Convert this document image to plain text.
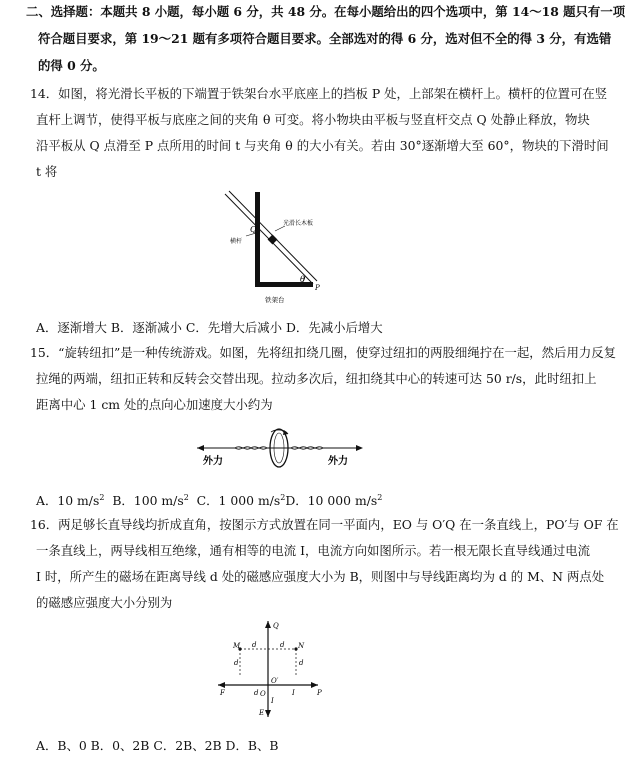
二、选择题：本题共 8 小题，每小题 6 分，共 48 分。在每小题给出的四个选项中，第 14～18 题只有一项
符合题目要求，第 19～21 题有多项符合题目要求。全部选对的得 6 分，选对但不全的得 3 分，有选错
的得 0 分。
14．如图，将光滑长平板的下端置于铁架台水平底座上的挡板 P 处，上部架在横杆上。横杆的位置可在竖
直杆上调节，使得平板与底座之间的夹角 θ 可变。将小物块由平板与竖直杆交点 Q 处静止释放，物块
沿平板从 Q 点滑至 P 点所用的时间 t 与夹角 θ 的大小有关。若由 30°逐渐增大至 60°，物块的下滑时间
t 将
Q
横杆
光滑长木板
θ
P
铁架台
A．逐渐增大 B．逐渐减小 C．先增大后减小 D．先减小后增大
15．“旋转纽扣”是一种传统游戏。如图，先将纽扣绕几圈，使穿过纽扣的两股细绳拧在一起，然后用力反复
拉绳的两端，纽扣正转和反转会交替出现。拉动多次后，纽扣绕其中心的转速可达 50 r/s，此时纽扣上
距离中心 1 cm 处的点向心加速度大小约为
外力	外力
A．10 $m/s^2$ B．100 $m/s^2$ C．1 000 $m/s^2D$．10 000 $m/s^2$
16．两足够长直导线均折成直角，按图示方式放置在同一平面内，EO 与 O′Q 在一条直线上，PO′与 OF 在
一条直线上，两导线相互绝缘，通有相等的电流 I，电流方向如图所示。若一根无限长直导线通过电流
I 时，所产生的磁场在距离导线 d 处的磁感应强度大小为 B，则图中与导线距离均为 d 的 M、N 两点处
的磁感应强度大小分别为
Q
M	N
d	d
d	d
F	d O
O′
I	P
I
E
A．B、0 B．0、2B C．2B、2B D．B、B
